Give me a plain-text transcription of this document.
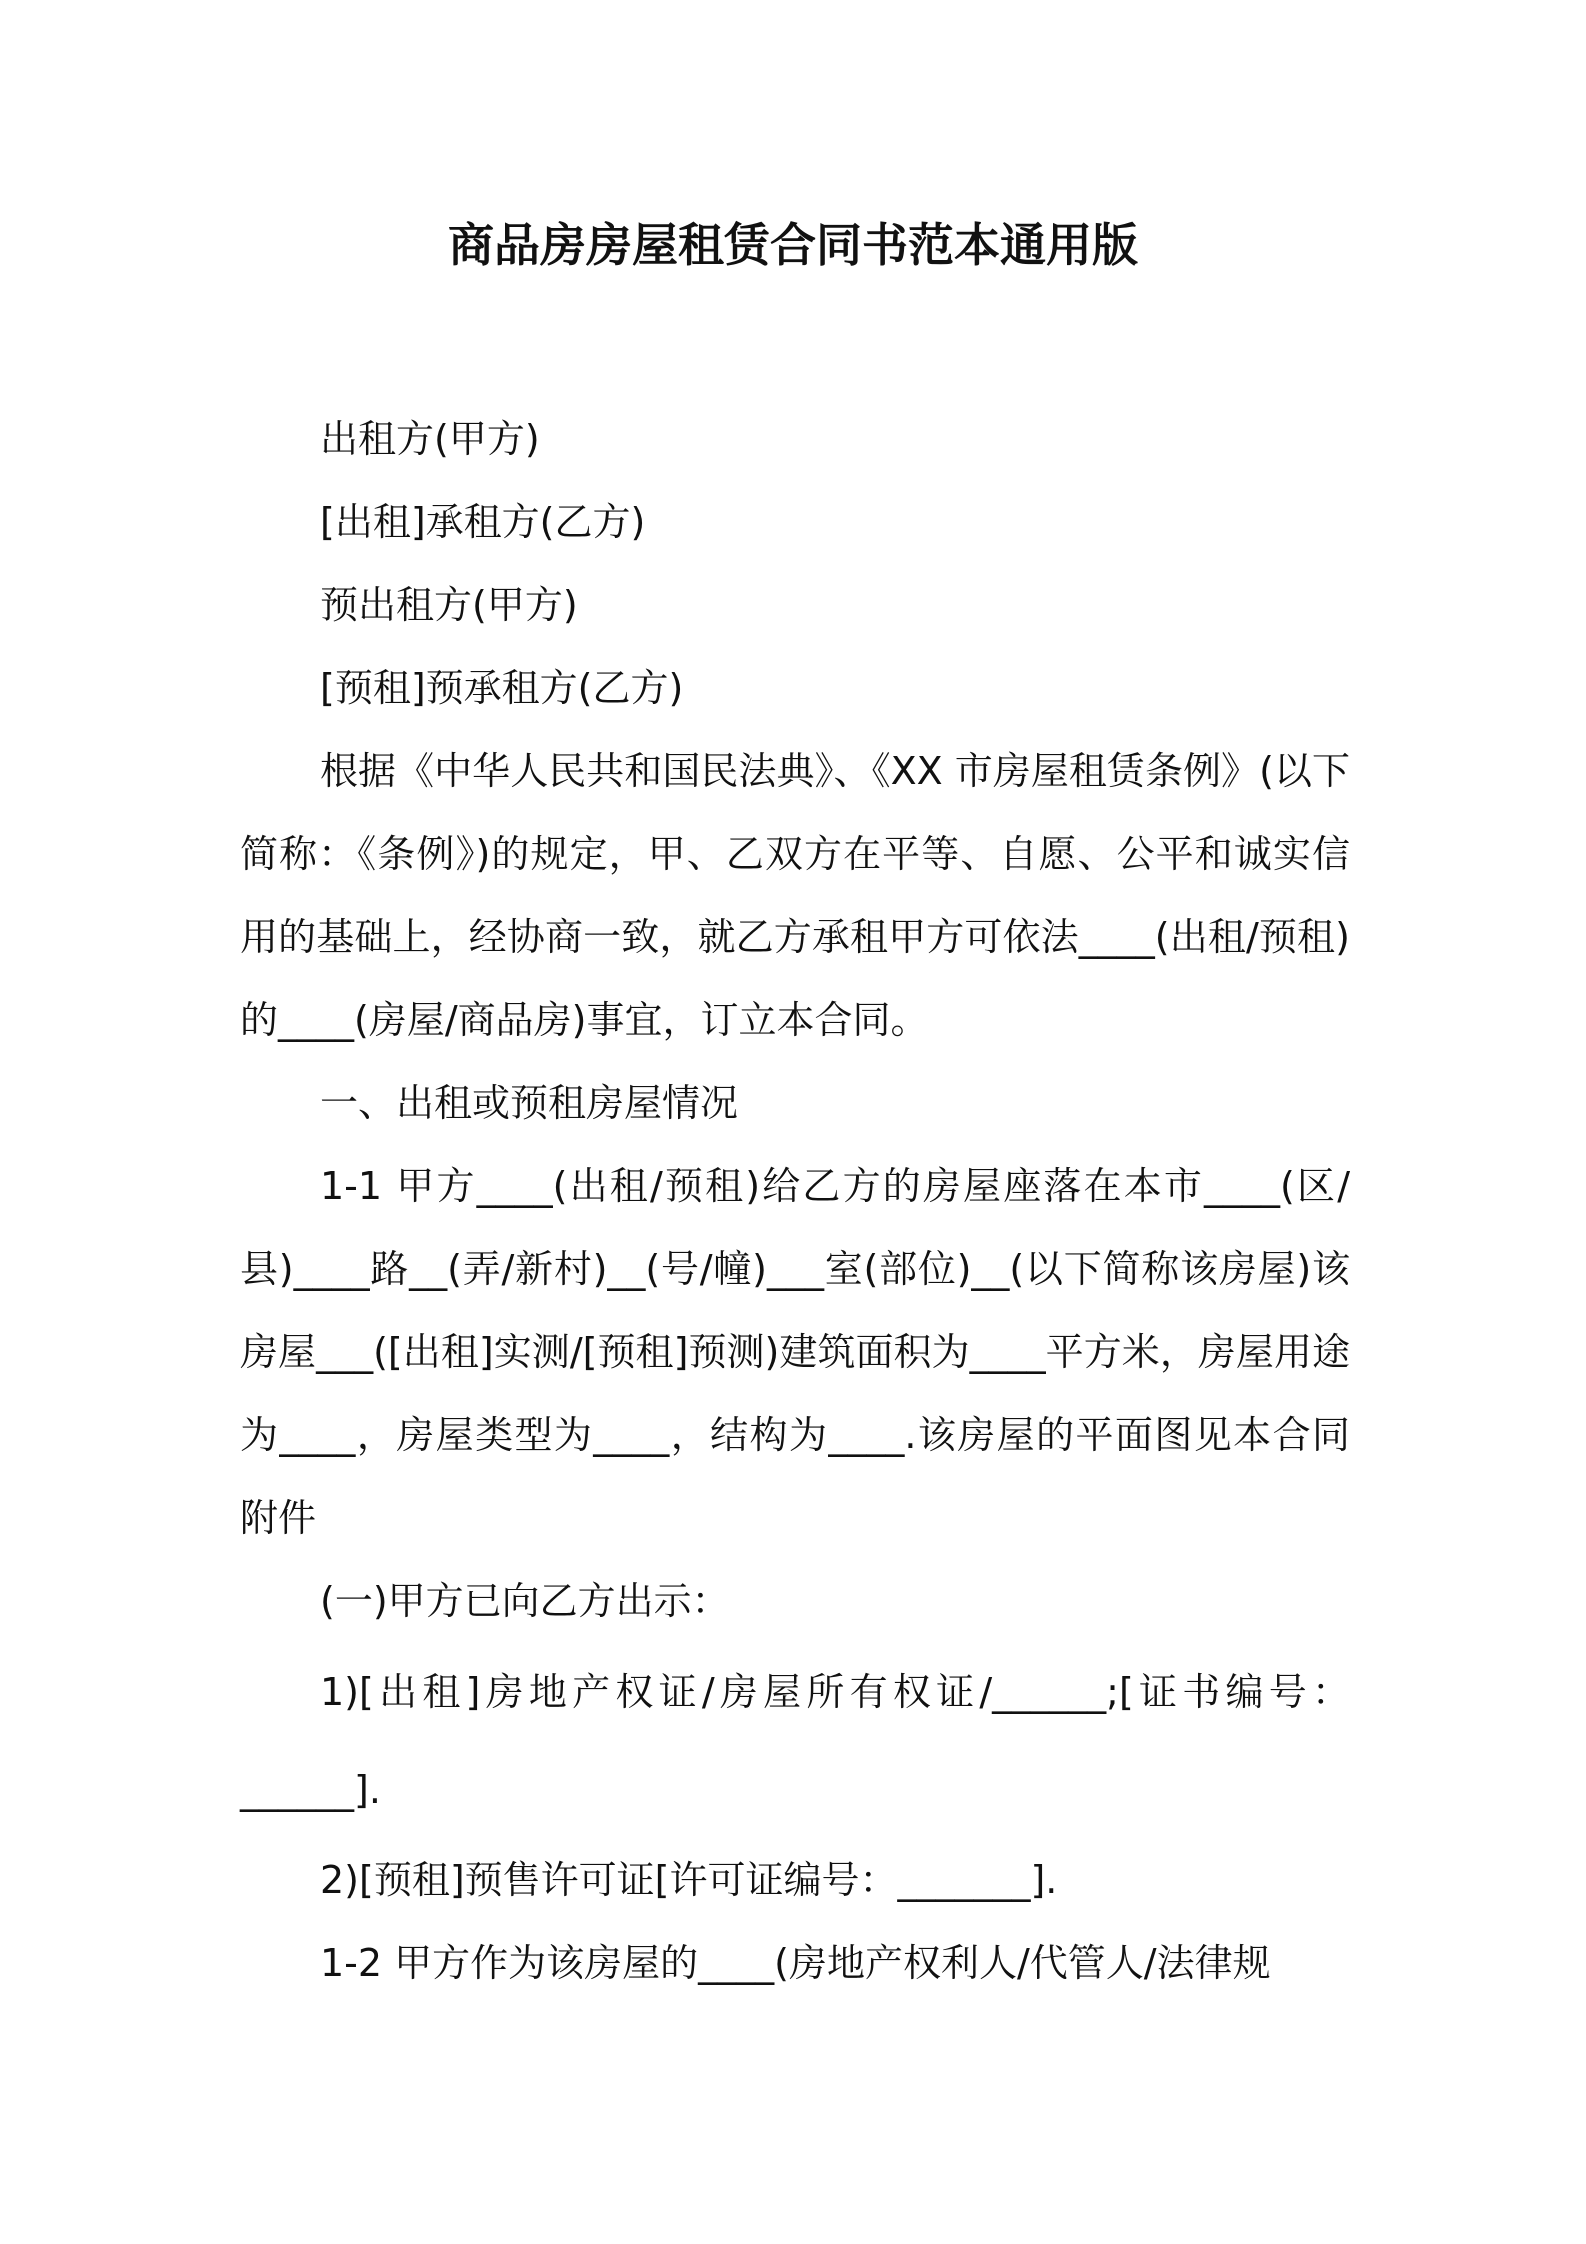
商品房房屋租赁合同书范本通用版

出租方(甲方)

[出租]承租方(乙方)

预出租方(甲方)

[预租]预承租方(乙方)

根据《中华人民共和国民法典》、《XX 市房屋租赁条例》(以下简称：《条例》)的规定，甲、乙双方在平等、自愿、公平和诚实信用的基础上，经协商一致，就乙方承租甲方可依法____(出租/预租)的____(房屋/商品房)事宜，订立本合同。

一、出租或预租房屋情况

1-1 甲方____(出租/预租)给乙方的房屋座落在本市____(区/县)____路__(弄/新村)__(号/幢)___室(部位)__(以下简称该房屋)该房屋___([出租]实测/[预租]预测)建筑面积为____平方米，房屋用途为____，房屋类型为____，结构为____.该房屋的平面图见本合同附件

(一)甲方已向乙方出示：

1)[出租]房地产权证/房屋所有权证/______;[证书编号：______].

2)[预租]预售许可证[许可证编号：_______].

1-2 甲方作为该房屋的____(房地产权利人/代管人/法律规
